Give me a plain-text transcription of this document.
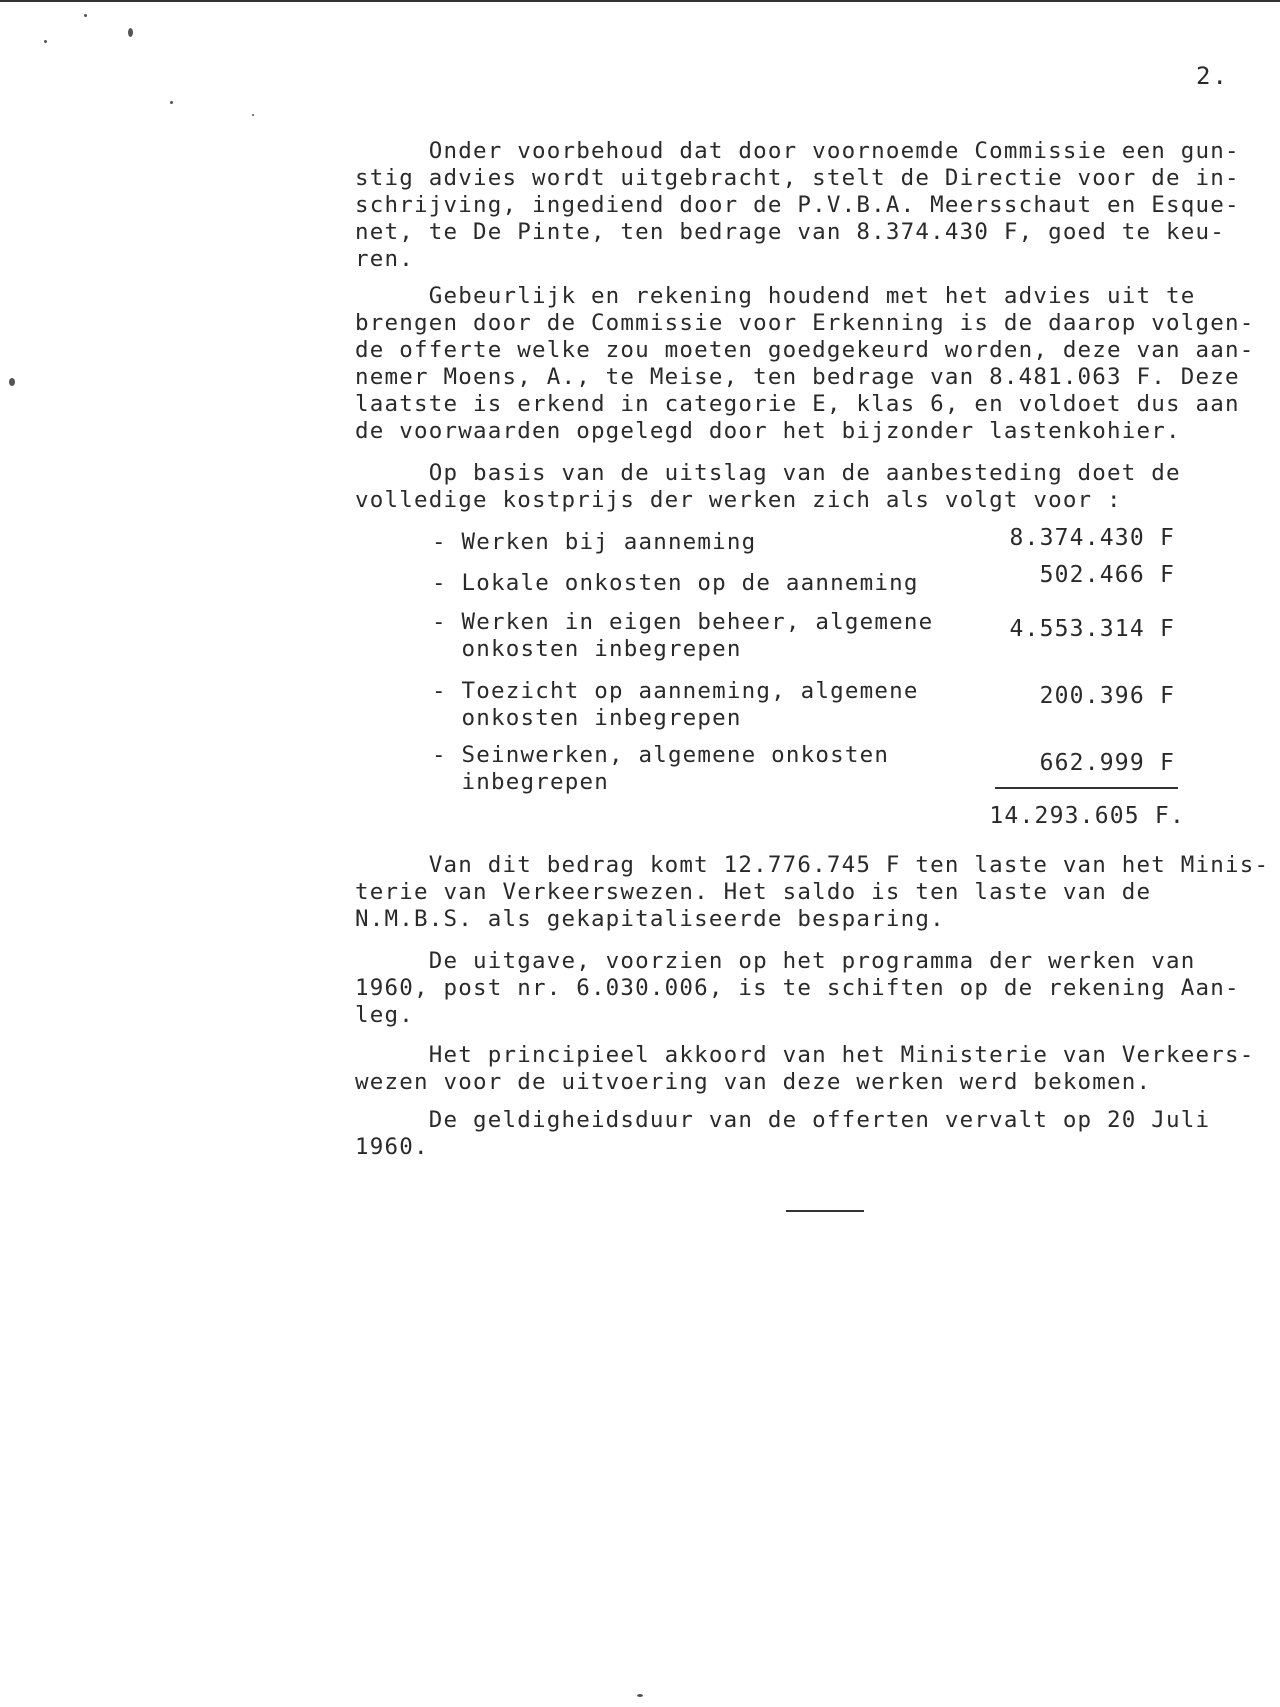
2.

Onder voorbehoud dat door voornoemde Commissie een gun-
stig advies wordt uitgebracht, stelt de Directie voor de in-
schrijving, ingediend door de P.V.B.A. Meersschaut en Esque-
net, te De Pinte, ten bedrage van 8.374.430 F, goed te keu-
ren.

Gebeurlijk en rekening houdend met het advies uit te
brengen door de Commissie voor Erkenning is de daarop volgen-
de offerte welke zou moeten goedgekeurd worden, deze van aan-
nemer Moens, A., te Meise, ten bedrage van 8.481.063 F. Deze
laatste is erkend in categorie E, klas 6, en voldoet dus aan
de voorwaarden opgelegd door het bijzonder lastenkohier.

Op basis van de uitslag van de aanbesteding doet de
volledige kostprijs der werken zich als volgt voor :

- Werken bij aanneming	8.374.430 F

- Lokale onkosten op de aanneming	502.466 F

- Werken in eigen beheer, algemene
onkosten inbegrepen

4.553.314 F

- Toezicht op aanneming, algemene
onkosten inbegrepen

200.396 F

- Seinwerken, algemene onkosten
inbegrepen

662.999 F

14.293.605 F.

Van dit bedrag komt 12.776.745 F ten laste van het Minis-
terie van Verkeerswezen. Het saldo is ten laste van de
N.M.B.S. als gekapitaliseerde besparing.

De uitgave, voorzien op het programma der werken van
1960, post nr. 6.030.006, is te schiften op de rekening Aan-
leg.

Het principieel akkoord van het Ministerie van Verkeers-
wezen voor de uitvoering van deze werken werd bekomen.

De geldigheidsduur van de offerten vervalt op 20 Juli
1960.
